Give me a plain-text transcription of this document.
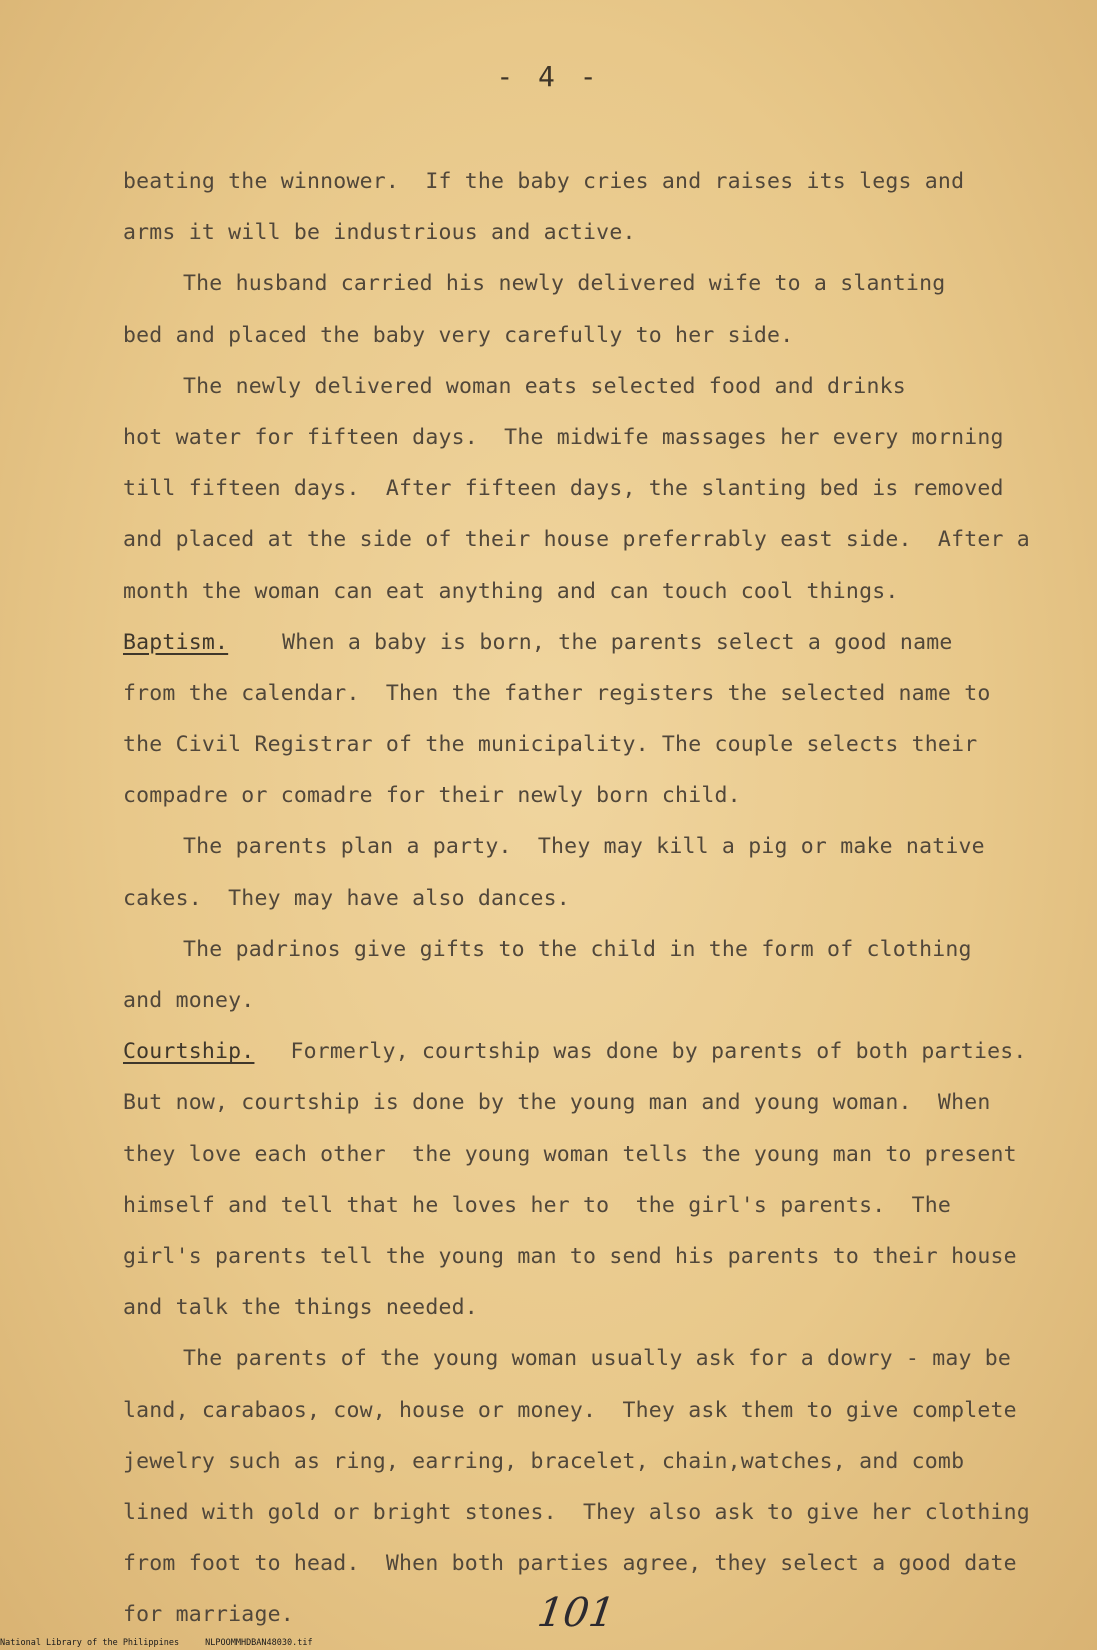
- 4 -
beating the winnower.  If the baby cries and raises its legs and
arms it will be industrious and active.
The husband carried his newly delivered wife to a slanting
bed and placed the baby very carefully to her side.
The newly delivered woman eats selected food and drinks
hot water for fifteen days.  The midwife massages her every morning
till fifteen days.  After fifteen days, the slanting bed is removed
and placed at the side of their house preferrably east side.  After a
month the woman can eat anything and can touch cool things.
Baptism.	When a baby is born, the parents select a good name
from the calendar.  Then the father registers the selected name to
the Civil Registrar of the municipality. The couple selects their
compadre or comadre for their newly born child.
The parents plan a party.  They may kill a pig or make native
cakes.  They may have also dances.
The padrinos give gifts to the child in the form of clothing
and money.
Courtship. Formerly, courtship was done by parents of both parties.
But now, courtship is done by the young man and young woman.  When
they love each other  the young woman tells the young man to present
himself and tell that he loves her to  the girl's parents.  The
girl's parents tell the young man to send his parents to their house
and talk the things needed.
The parents of the young woman usually ask for a dowry - may be
land, carabaos, cow, house or money.  They ask them to give complete
jewelry such as ring, earring, bracelet, chain,watches, and comb
lined with gold or bright stones.  They also ask to give her clothing
from foot to head.  When both parties agree, they select a good date
for marriage.	101
National Library of the Philippines	NLPOOMMHDBAN48030.tif
